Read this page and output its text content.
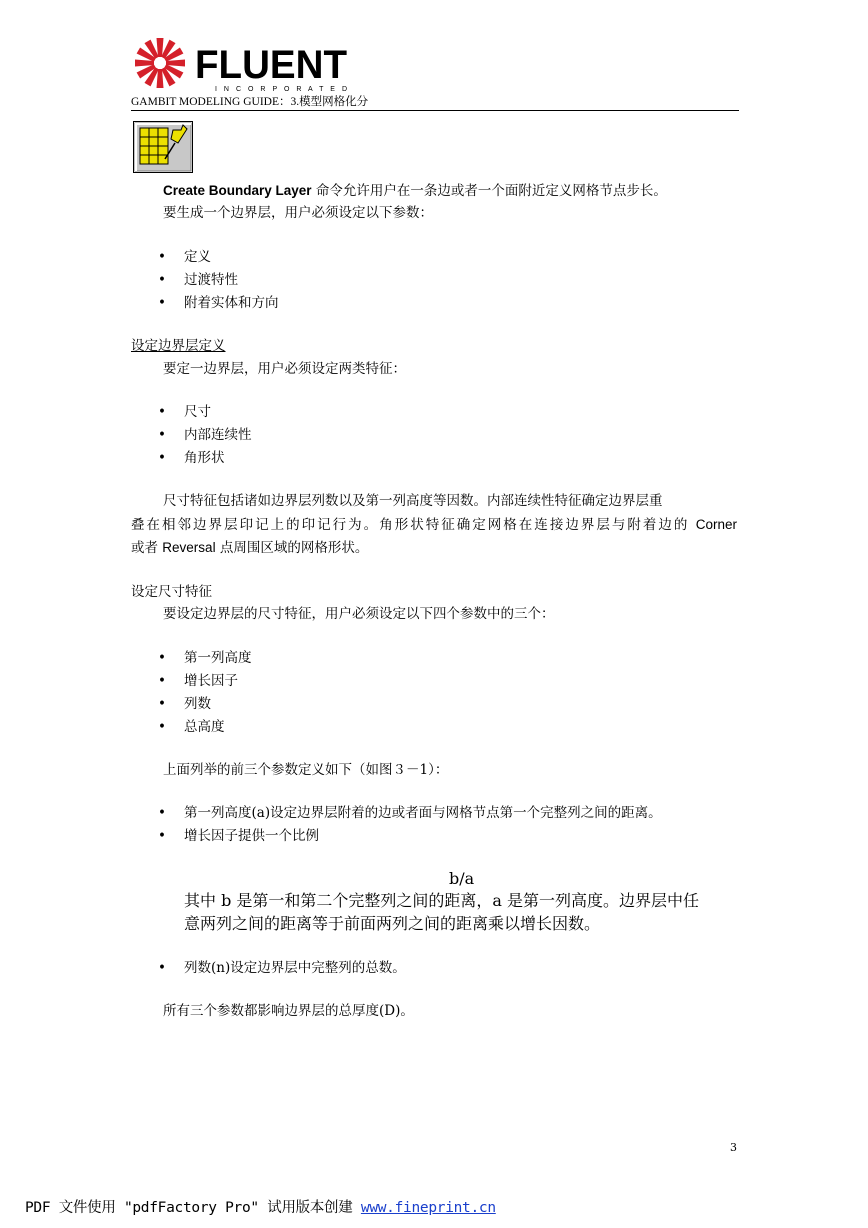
FLUENT
I N C O R P O R A T E D
GAMBIT MODELING GUIDE：3.模型网格化分
Create Boundary Layer 命令允许用户在一条边或者一个面附近定义网格节点步长。
要生成一个边界层，用户必须设定以下参数：
• 定义
• 过渡特性
• 附着实体和方向
设定边界层定义
要定一边界层，用户必须设定两类特征：
• 尺寸
• 内部连续性
• 角形状
尺寸特征包括诸如边界层列数以及第一列高度等因数。内部连续性特征确定边界层重
叠在相邻边界层印记上的印记行为。角形状特征确定网格在连接边界层与附着边的 Corner
或者 Reversal 点周围区域的网格形状。
设定尺寸特征
要设定边界层的尺寸特征，用户必须设定以下四个参数中的三个：
• 第一列高度
• 增长因子
• 列数
• 总高度
上面列举的前三个参数定义如下（如图３－1）：
• 第一列高度(a)设定边界层附着的边或者面与网格节点第一个完整列之间的距离。
• 增长因子提供一个比例
b/a
其中 b 是第一和第二个完整列之间的距离，a 是第一列高度。边界层中任
意两列之间的距离等于前面两列之间的距离乘以增长因数。
• 列数(n)设定边界层中完整列的总数。
所有三个参数都影响边界层的总厚度(D)。
3
PDF 文件使用 "pdfFactory Pro" 试用版本创建 www.fineprint.cn
